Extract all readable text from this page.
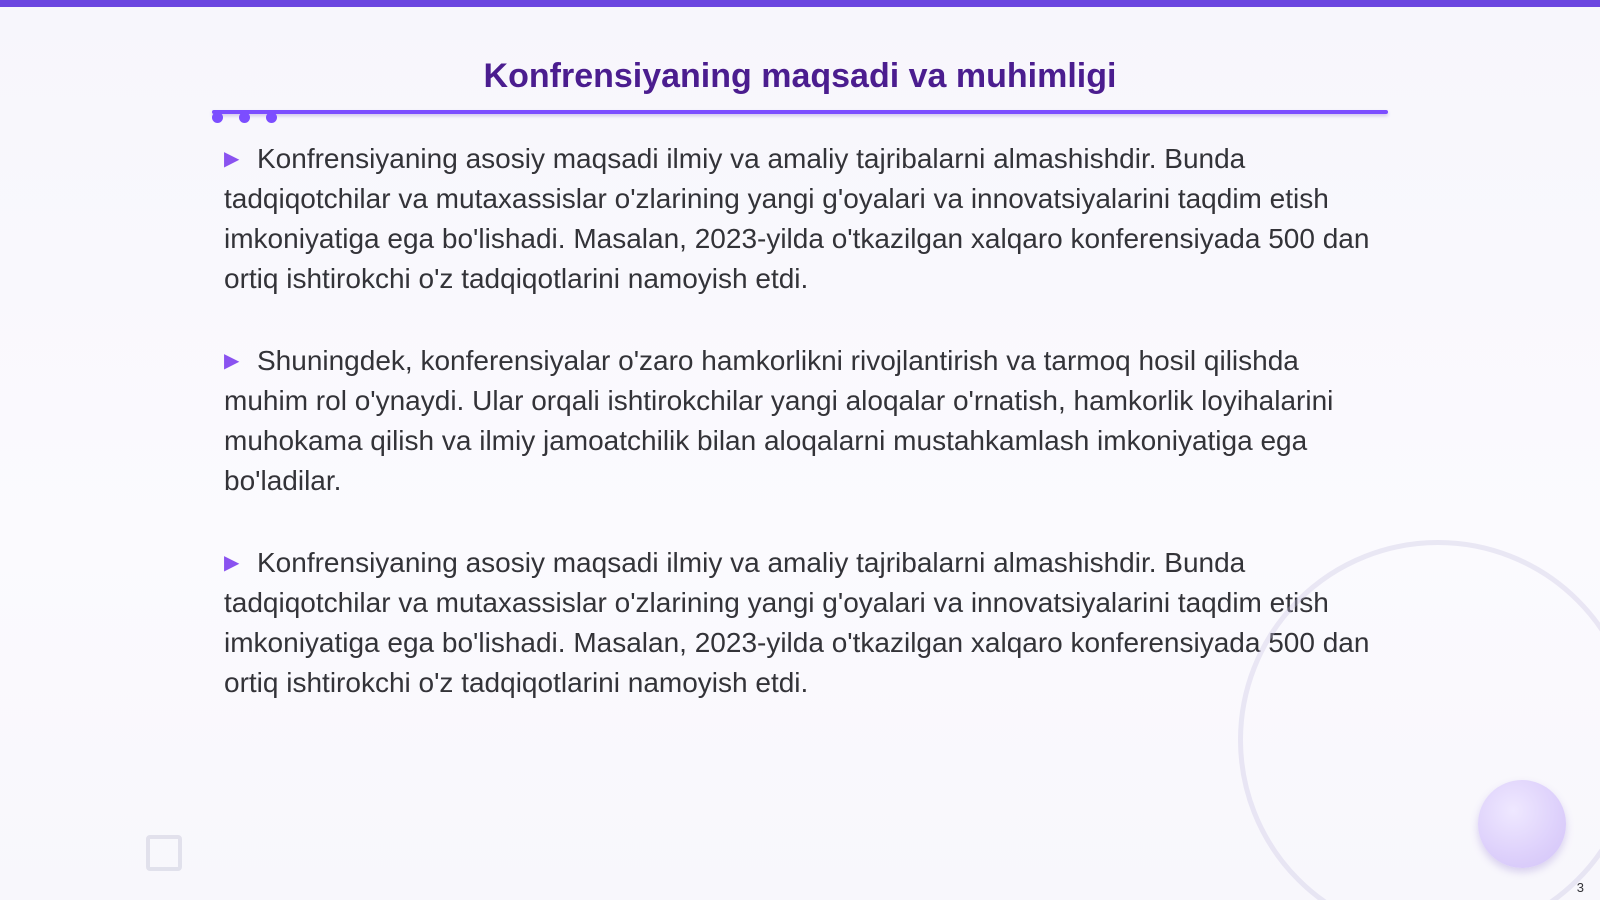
Konfrensiyaning maqsadi va muhimligi
▶ Konfrensiyaning asosiy maqsadi ilmiy va amaliy tajribalarni almashishdir. Bunda tadqiqotchilar va mutaxassislar o'zlarining yangi g'oyalari va innovatsiyalarini taqdim etish imkoniyatiga ega bo'lishadi. Masalan, 2023-yilda o'tkazilgan xalqaro konferensiyada 500 dan ortiq ishtirokchi o'z tadqiqotlarini namoyish etdi.
▶ Shuningdek, konferensiyalar o'zaro hamkorlikni rivojlantirish va tarmoq hosil qilishda muhim rol o'ynaydi. Ular orqali ishtirokchilar yangi aloqalar o'rnatish, hamkorlik loyihalarini muhokama qilish va ilmiy jamoatchilik bilan aloqalarni mustahkamlash imkoniyatiga ega bo'ladilar.
▶ Konfrensiyaning asosiy maqsadi ilmiy va amaliy tajribalarni almashishdir. Bunda tadqiqotchilar va mutaxassislar o'zlarining yangi g'oyalari va innovatsiyalarini taqdim etish imkoniyatiga ega bo'lishadi. Masalan, 2023-yilda o'tkazilgan xalqaro konferensiyada 500 dan ortiq ishtirokchi o'z tadqiqotlarini namoyish etdi.
3
